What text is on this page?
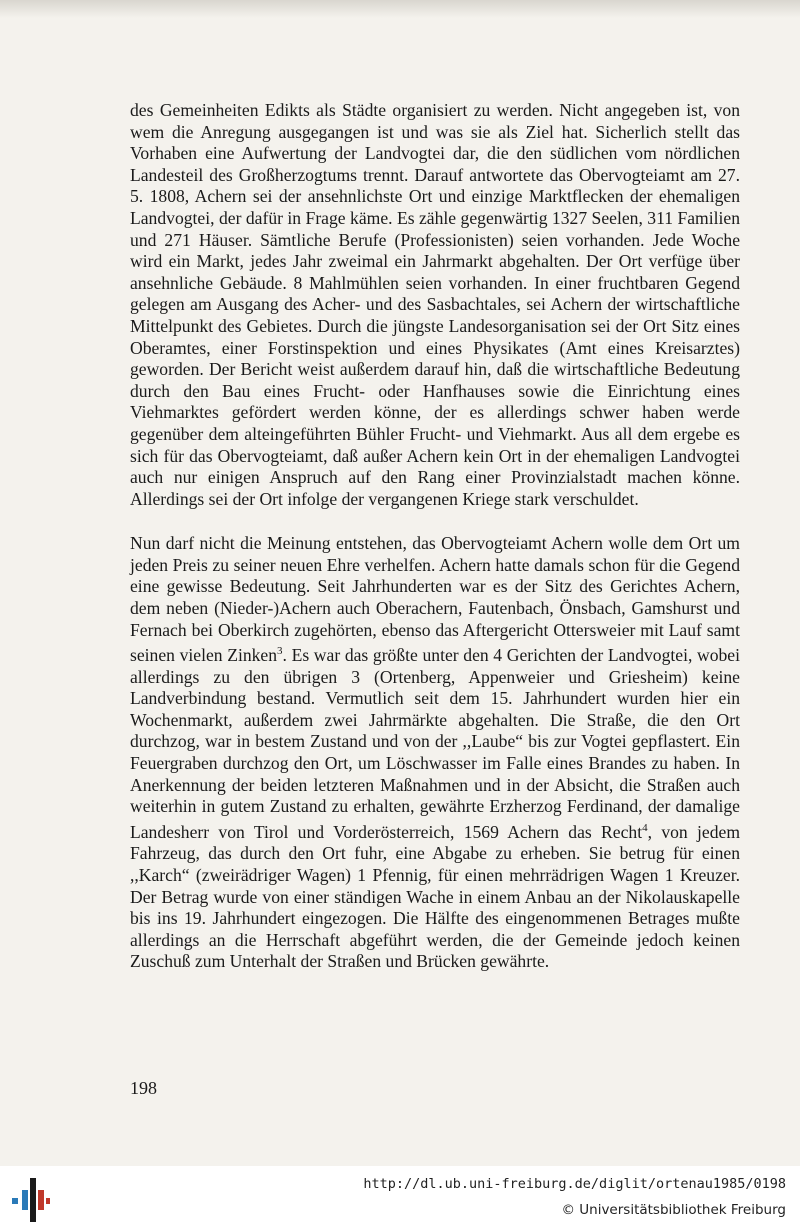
des Gemeinheiten Edikts als Städte organisiert zu werden. Nicht angegeben ist, von wem die Anregung ausgegangen ist und was sie als Ziel hat. Sicherlich stellt das Vorhaben eine Aufwertung der Landvogtei dar, die den südlichen vom nördlichen Landesteil des Großherzogtums trennt. Darauf antwortete das Obervogteiamt am 27. 5. 1808, Achern sei der ansehnlichste Ort und einzige Marktflecken der ehemaligen Landvogtei, der dafür in Frage käme. Es zähle gegenwärtig 1327 Seelen, 311 Familien und 271 Häuser. Sämtliche Berufe (Professionisten) seien vorhanden. Jede Woche wird ein Markt, jedes Jahr zweimal ein Jahrmarkt abgehalten. Der Ort verfüge über ansehnliche Gebäude. 8 Mahlmühlen seien vorhanden. In einer fruchtbaren Gegend gelegen am Ausgang des Acher- und des Sasbachtales, sei Achern der wirtschaftliche Mittelpunkt des Gebietes. Durch die jüngste Landesorganisation sei der Ort Sitz eines Oberamtes, einer Forstinspektion und eines Physikates (Amt eines Kreisarztes) geworden. Der Bericht weist außerdem darauf hin, daß die wirtschaftliche Bedeutung durch den Bau eines Frucht- oder Hanfhauses sowie die Einrichtung eines Viehmarktes gefördert werden könne, der es allerdings schwer haben werde gegenüber dem alteingeführten Bühler Frucht- und Viehmarkt. Aus all dem ergebe es sich für das Obervogteiamt, daß außer Achern kein Ort in der ehemaligen Landvogtei auch nur einigen Anspruch auf den Rang einer Provinzialstadt machen könne. Allerdings sei der Ort infolge der vergangenen Kriege stark verschuldet.

Nun darf nicht die Meinung entstehen, das Obervogteiamt Achern wolle dem Ort um jeden Preis zu seiner neuen Ehre verhelfen. Achern hatte damals schon für die Gegend eine gewisse Bedeutung. Seit Jahrhunderten war es der Sitz des Gerichtes Achern, dem neben (Nieder-)Achern auch Oberachern, Fautenbach, Önsbach, Gamshurst und Fernach bei Oberkirch zugehörten, ebenso das Aftergericht Ottersweier mit Lauf samt seinen vielen Zinken$^3$. Es war das größte unter den 4 Gerichten der Landvogtei, wobei allerdings zu den übrigen 3 (Ortenberg, Appenweier und Griesheim) keine Landverbindung bestand. Vermutlich seit dem 15. Jahrhundert wurden hier ein Wochenmarkt, außerdem zwei Jahrmärkte abgehalten. Die Straße, die den Ort durchzog, war in bestem Zustand und von der ,,Laube“ bis zur Vogtei gepflastert. Ein Feuergraben durchzog den Ort, um Löschwasser im Falle eines Brandes zu haben. In Anerkennung der beiden letzteren Maßnahmen und in der Absicht, die Straßen auch weiterhin in gutem Zustand zu erhalten, gewährte Erzherzog Ferdinand, der damalige Landesherr von Tirol und Vorderösterreich, 1569 Achern das Recht$^4$, von jedem Fahrzeug, das durch den Ort fuhr, eine Abgabe zu erheben. Sie betrug für einen ,,Karch“ (zweirädriger Wagen) 1 Pfennig, für einen mehrrädrigen Wagen 1 Kreuzer. Der Betrag wurde von einer ständigen Wache in einem Anbau an der Nikolauskapelle bis ins 19. Jahrhundert eingezogen. Die Hälfte des eingenommenen Betrages mußte allerdings an die Herrschaft abgeführt werden, die der Gemeinde jedoch keinen Zuschuß zum Unterhalt der Straßen und Brücken gewährte.

198
http://dl.ub.uni-freiburg.de/diglit/ortenau1985/0198
© Universitätsbibliothek Freiburg
